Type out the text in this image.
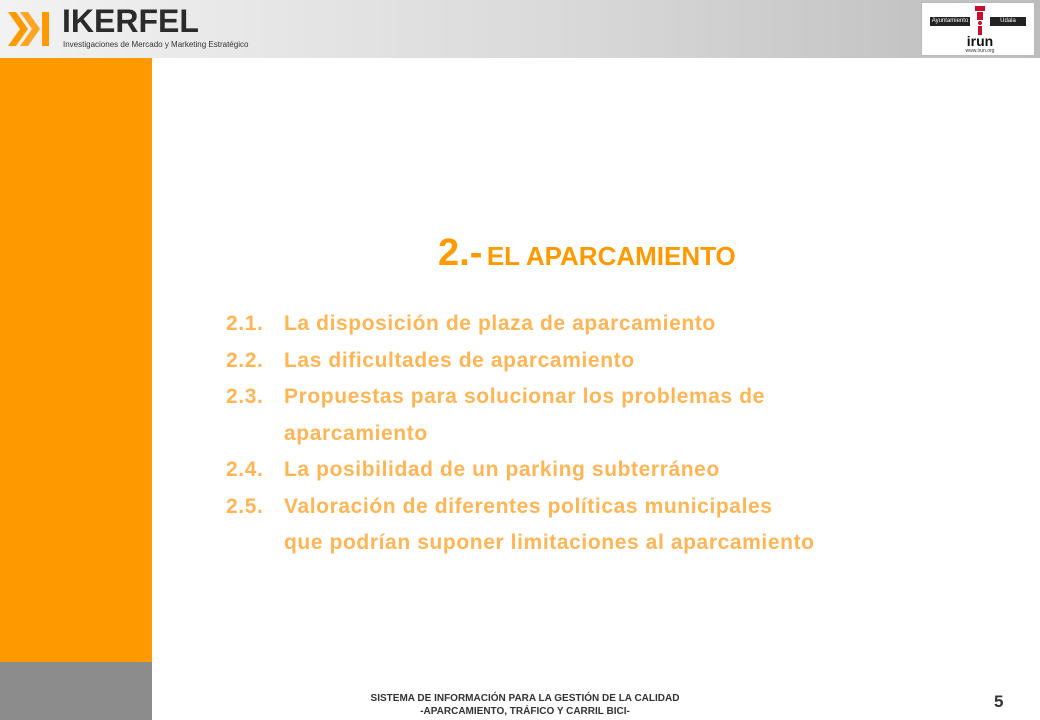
IKERFEL
Investigaciones de Mercado y Marketing Estratégico
Ayuntamiento	Udala
irun
www.irun.org
2.- EL APARCAMIENTO
2.1. La disposición de plaza de aparcamiento
2.2. Las dificultades de aparcamiento
2.3. Propuestas para solucionar los problemas de
aparcamiento
2.4. La posibilidad de un parking subterráneo
2.5. Valoración de diferentes políticas municipales
que podrían suponer limitaciones al aparcamiento
SISTEMA DE INFORMACIÓN PARA LA GESTIÓN DE LA CALIDAD
-APARCAMIENTO, TRÁFICO Y CARRIL BICI-
5
